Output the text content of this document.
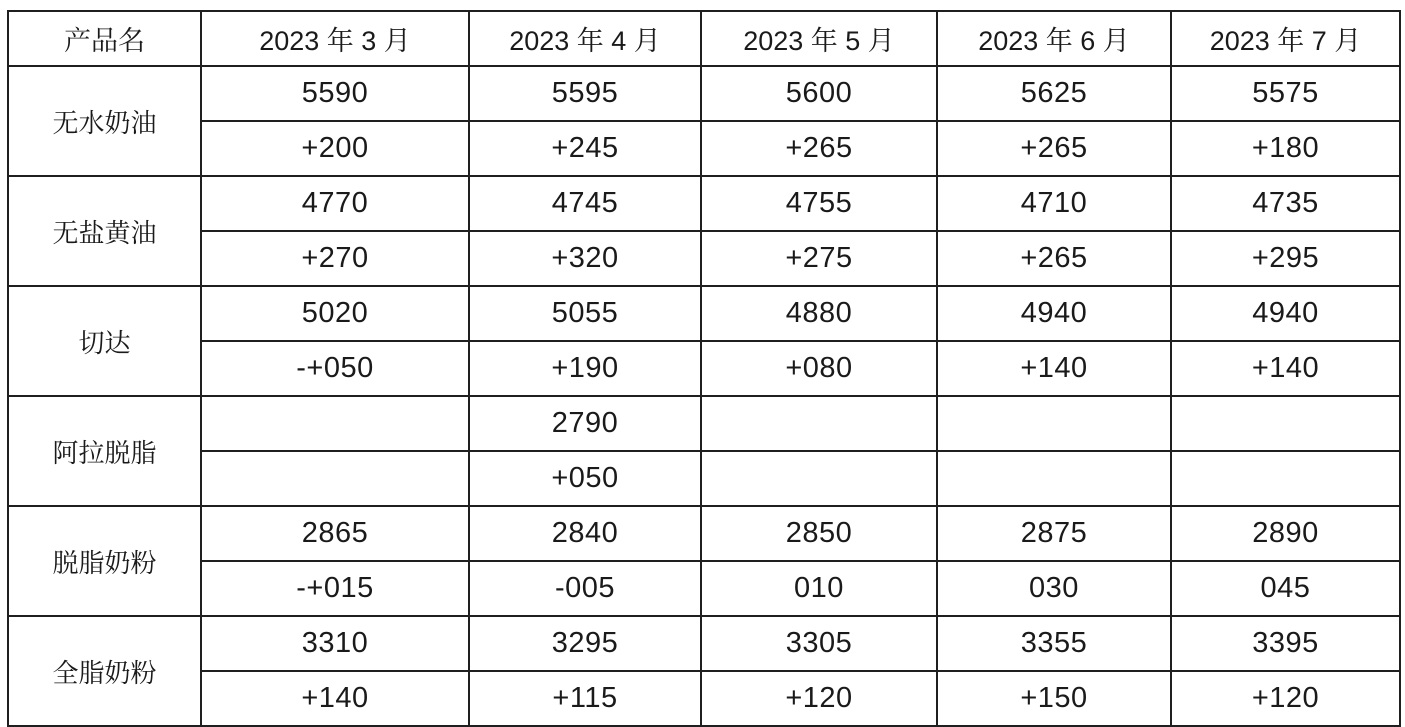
产品名	2023 年 3 月	2023 年 4 月	2023 年 5 月	2023 年 6 月	2023 年 7 月
无水奶油	5590	5595	5600	5625	5575
	+200	+245	+265	+265	+180
无盐黄油	4770	4745	4755	4710	4735
	+270	+320	+275	+265	+295
切达	5020	5055	4880	4940	4940
	-+050	+190	+080	+140	+140
阿拉脱脂		2790			
		+050			
脱脂奶粉	2865	2840	2850	2875	2890
	-+015	-005	010	030	045
全脂奶粉	3310	3295	3305	3355	3395
	+140	+115	+120	+150	+120
